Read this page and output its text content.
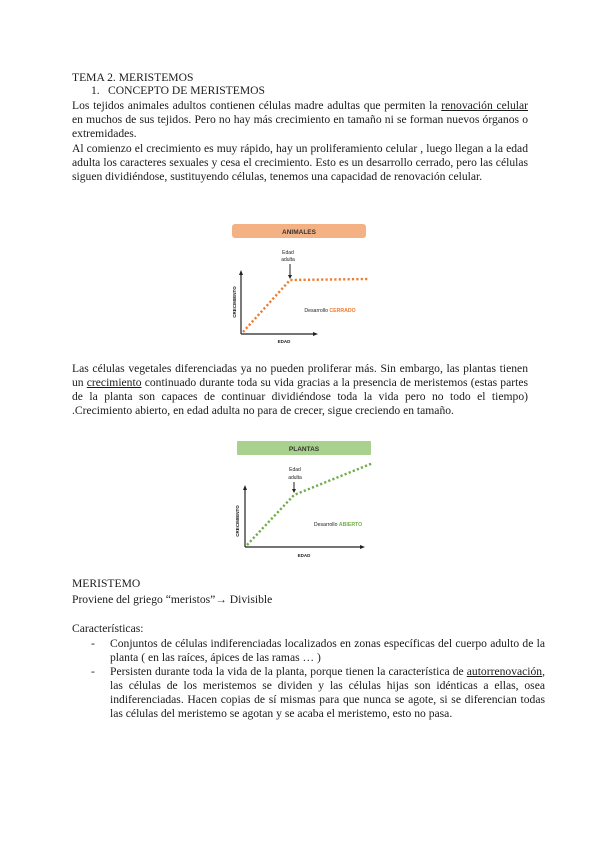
TEMA 2. MERISTEMOS
1. CONCEPTO DE MERISTEMOS
Los tejidos animales adultos contienen células madre adultas que permiten la renovación celular en muchos de sus tejidos. Pero no hay más crecimiento en tamaño ni se forman nuevos órganos o extremidades.
Al comienzo el crecimiento es muy rápido, hay un proliferamiento celular , luego llegan a la edad adulta los caracteres sexuales y cesa el crecimiento. Esto es un desarrollo cerrado, pero las células siguen dividiéndose, sustituyendo células, tenemos una capacidad de renovación celular.
ANIMALES
CRECIMIENTO
EDAD
Edad
adulta
Desarrollo CERRADO
Las células vegetales diferenciadas ya no pueden proliferar más. Sin embargo, las plantas tienen un crecimiento continuado durante toda su vida gracias a la presencia de meristemos (estas partes de la planta son capaces de continuar dividiéndose toda la vida pero no todo el tiempo) .Crecimiento abierto, en edad adulta no para de crecer, sigue creciendo en tamaño.
PLANTAS
CRECIMIENTO
EDAD
Edad
adulta
Desarrollo ABIERTO
MERISTEMO
Proviene del griego “meristos”→ Divisible
Características:
- Conjuntos de células indiferenciadas localizados en zonas específicas del cuerpo adulto de la planta ( en las raíces, ápices de las ramas … )
- Persisten durante toda la vida de la planta, porque tienen la característica de autorrenovación, las células de los meristemos se dividen y las células hijas son idénticas a ellas, osea indiferenciadas. Hacen copias de sí mismas para que nunca se agote, si se diferencian todas las células del meristemo se agotan y se acaba el meristemo, esto no pasa.
